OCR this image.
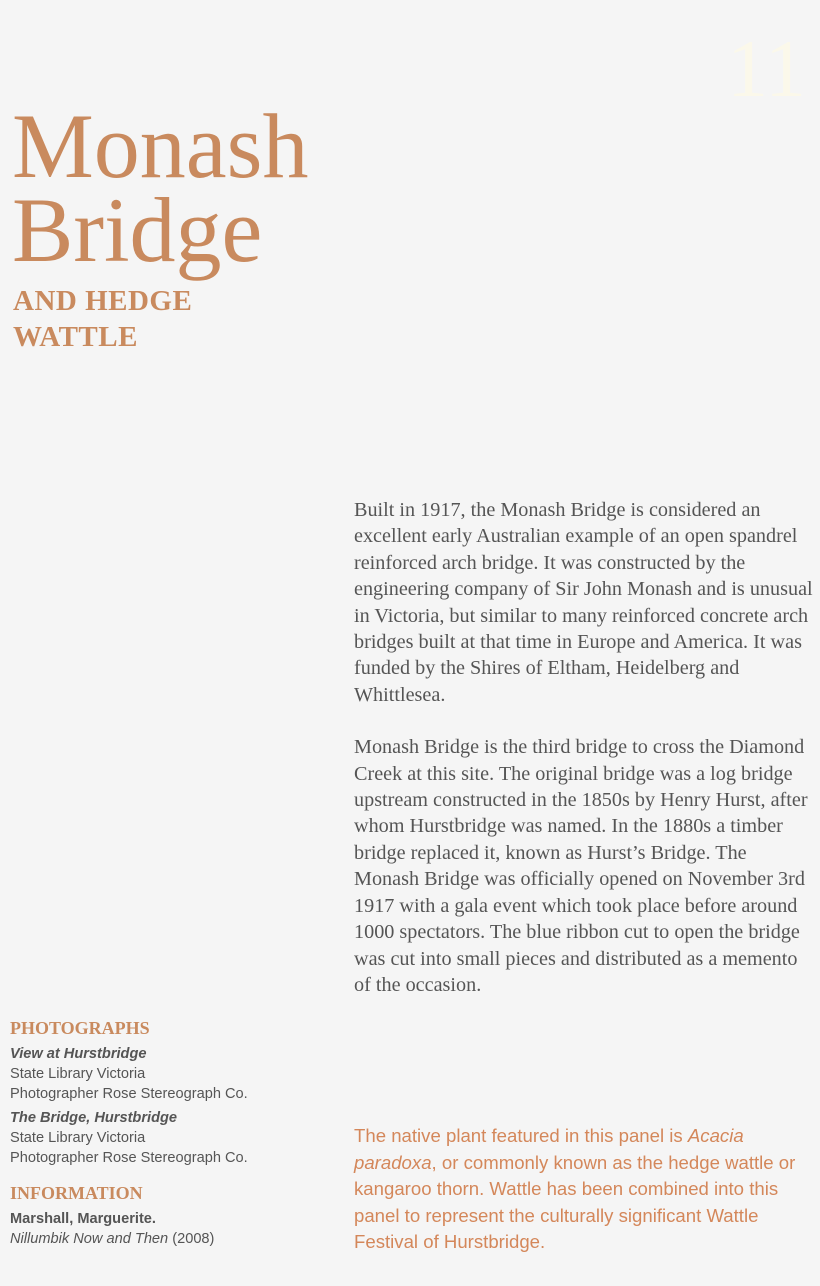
11
Monash
Bridge
AND HEDGE
WATTLE

Built in 1917, the Monash Bridge is considered an excellent early Australian example of an open spandrel reinforced arch bridge. It was constructed by the engineering company of Sir John Monash and is unusual in Victoria, but similar to many reinforced concrete arch bridges built at that time in Europe and America. It was funded by the Shires of Eltham, Heidelberg and Whittlesea.

Monash Bridge is the third bridge to cross the Diamond Creek at this site. The original bridge was a log bridge upstream constructed in the 1850s by Henry Hurst, after whom Hurstbridge was named. In the 1880s a timber bridge replaced it, known as Hurst’s Bridge. The Monash Bridge was officially opened on November 3rd 1917 with a gala event which took place before around 1000 spectators. The blue ribbon cut to open the bridge was cut into small pieces and distributed as a memento of the occasion.

The native plant featured in this panel is Acacia paradoxa, or commonly known as the hedge wattle or kangaroo thorn. Wattle has been combined into this panel to represent the culturally significant Wattle Festival of Hurstbridge.

PHOTOGRAPHS
View at Hurstbridge
State Library Victoria
Photographer Rose Stereograph Co.
The Bridge, Hurstbridge
State Library Victoria
Photographer Rose Stereograph Co.
INFORMATION
Marshall, Marguerite.
Nillumbik Now and Then (2008)
